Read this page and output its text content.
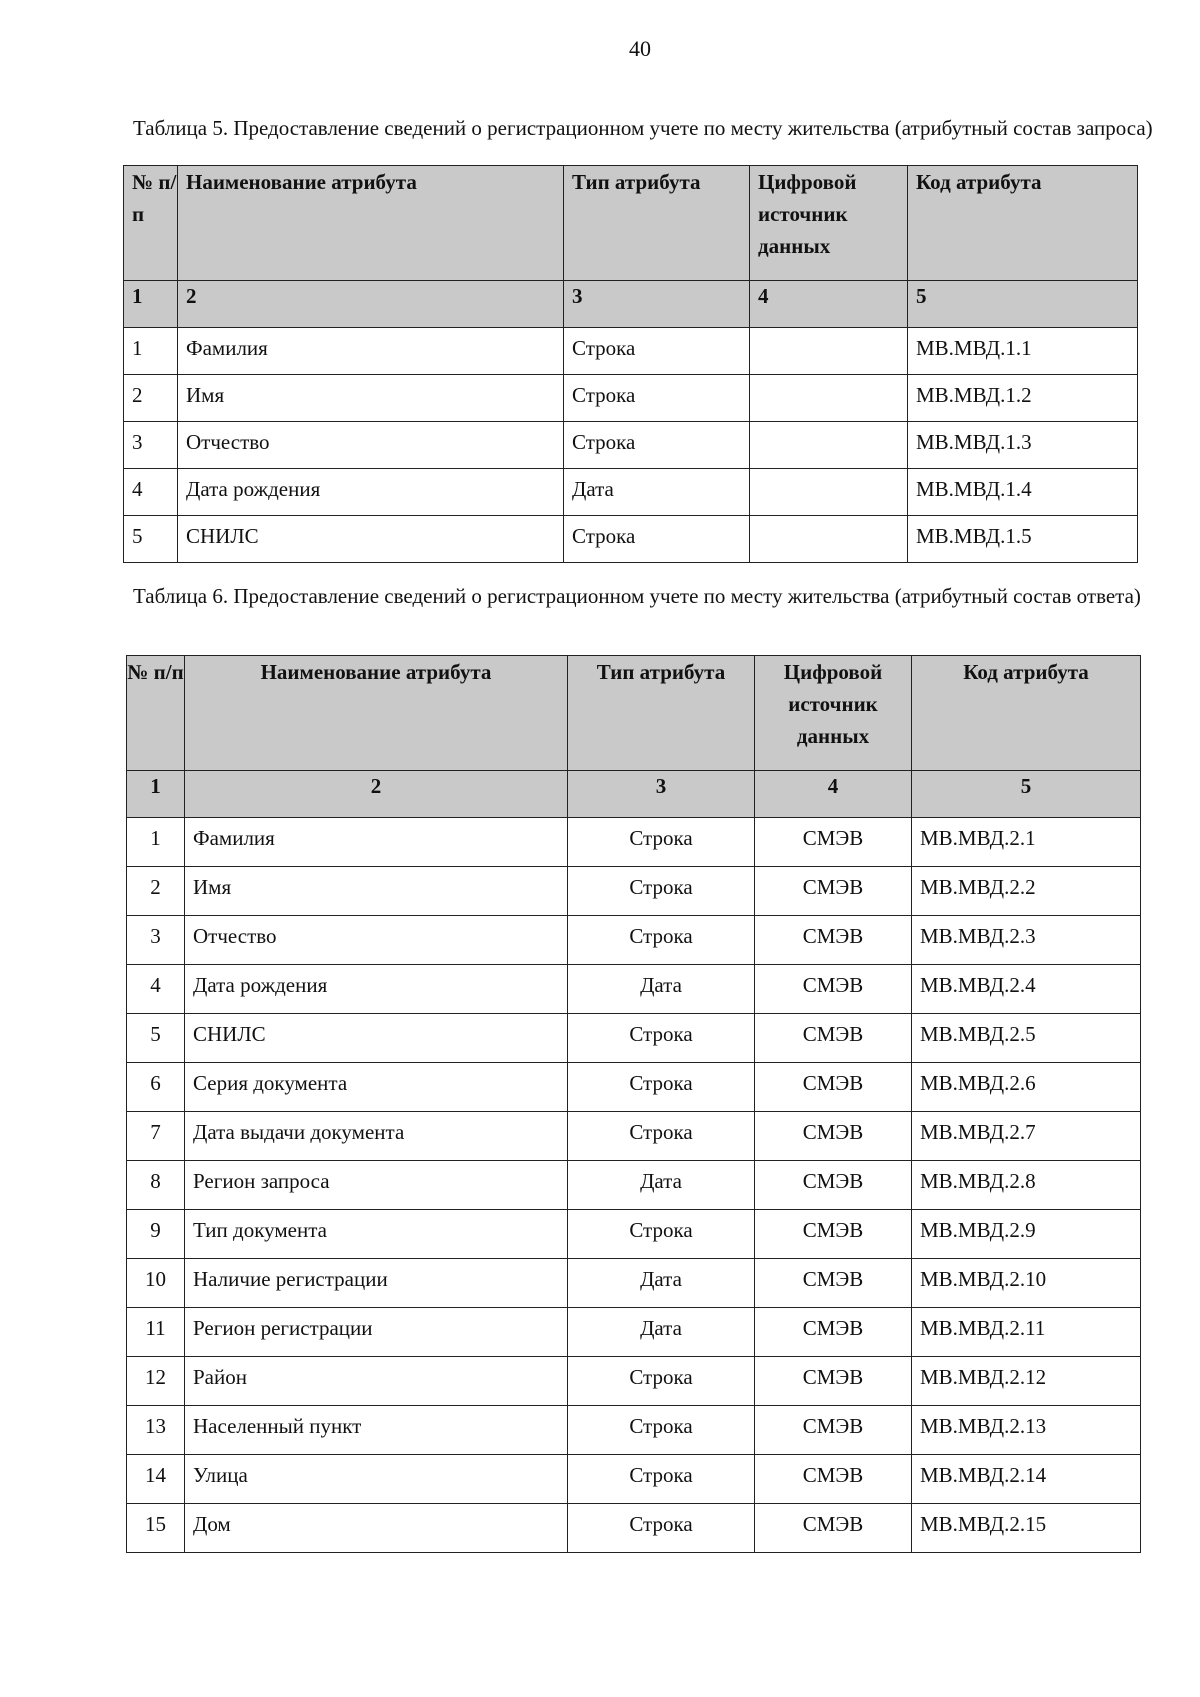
40
Таблица 5. Предоставление сведений о регистрационном учете по месту жительства (атрибутный состав запроса)
№ п/п	Наименование атрибута	Тип атрибута	Цифровой источник данных	Код атрибута
1	2	3	4	5
1	Фамилия	Строка		МВ.МВД.1.1
2	Имя	Строка		МВ.МВД.1.2
3	Отчество	Строка		МВ.МВД.1.3
4	Дата рождения	Дата		МВ.МВД.1.4
5	СНИЛС	Строка		МВ.МВД.1.5
Таблица 6. Предоставление сведений о регистрационном учете по месту жительства (атрибутный состав ответа)
№ п/п	Наименование атрибута	Тип атрибута	Цифровой источник данных	Код атрибута
1	2	3	4	5
1	Фамилия	Строка	СМЭВ	МВ.МВД.2.1
2	Имя	Строка	СМЭВ	МВ.МВД.2.2
3	Отчество	Строка	СМЭВ	МВ.МВД.2.3
4	Дата рождения	Дата	СМЭВ	МВ.МВД.2.4
5	СНИЛС	Строка	СМЭВ	МВ.МВД.2.5
6	Серия документа	Строка	СМЭВ	МВ.МВД.2.6
7	Дата выдачи документа	Строка	СМЭВ	МВ.МВД.2.7
8	Регион запроса	Дата	СМЭВ	МВ.МВД.2.8
9	Тип документа	Строка	СМЭВ	МВ.МВД.2.9
10	Наличие регистрации	Дата	СМЭВ	МВ.МВД.2.10
11	Регион регистрации	Дата	СМЭВ	МВ.МВД.2.11
12	Район	Строка	СМЭВ	МВ.МВД.2.12
13	Населенный пункт	Строка	СМЭВ	МВ.МВД.2.13
14	Улица	Строка	СМЭВ	МВ.МВД.2.14
15	Дом	Строка	СМЭВ	МВ.МВД.2.15
